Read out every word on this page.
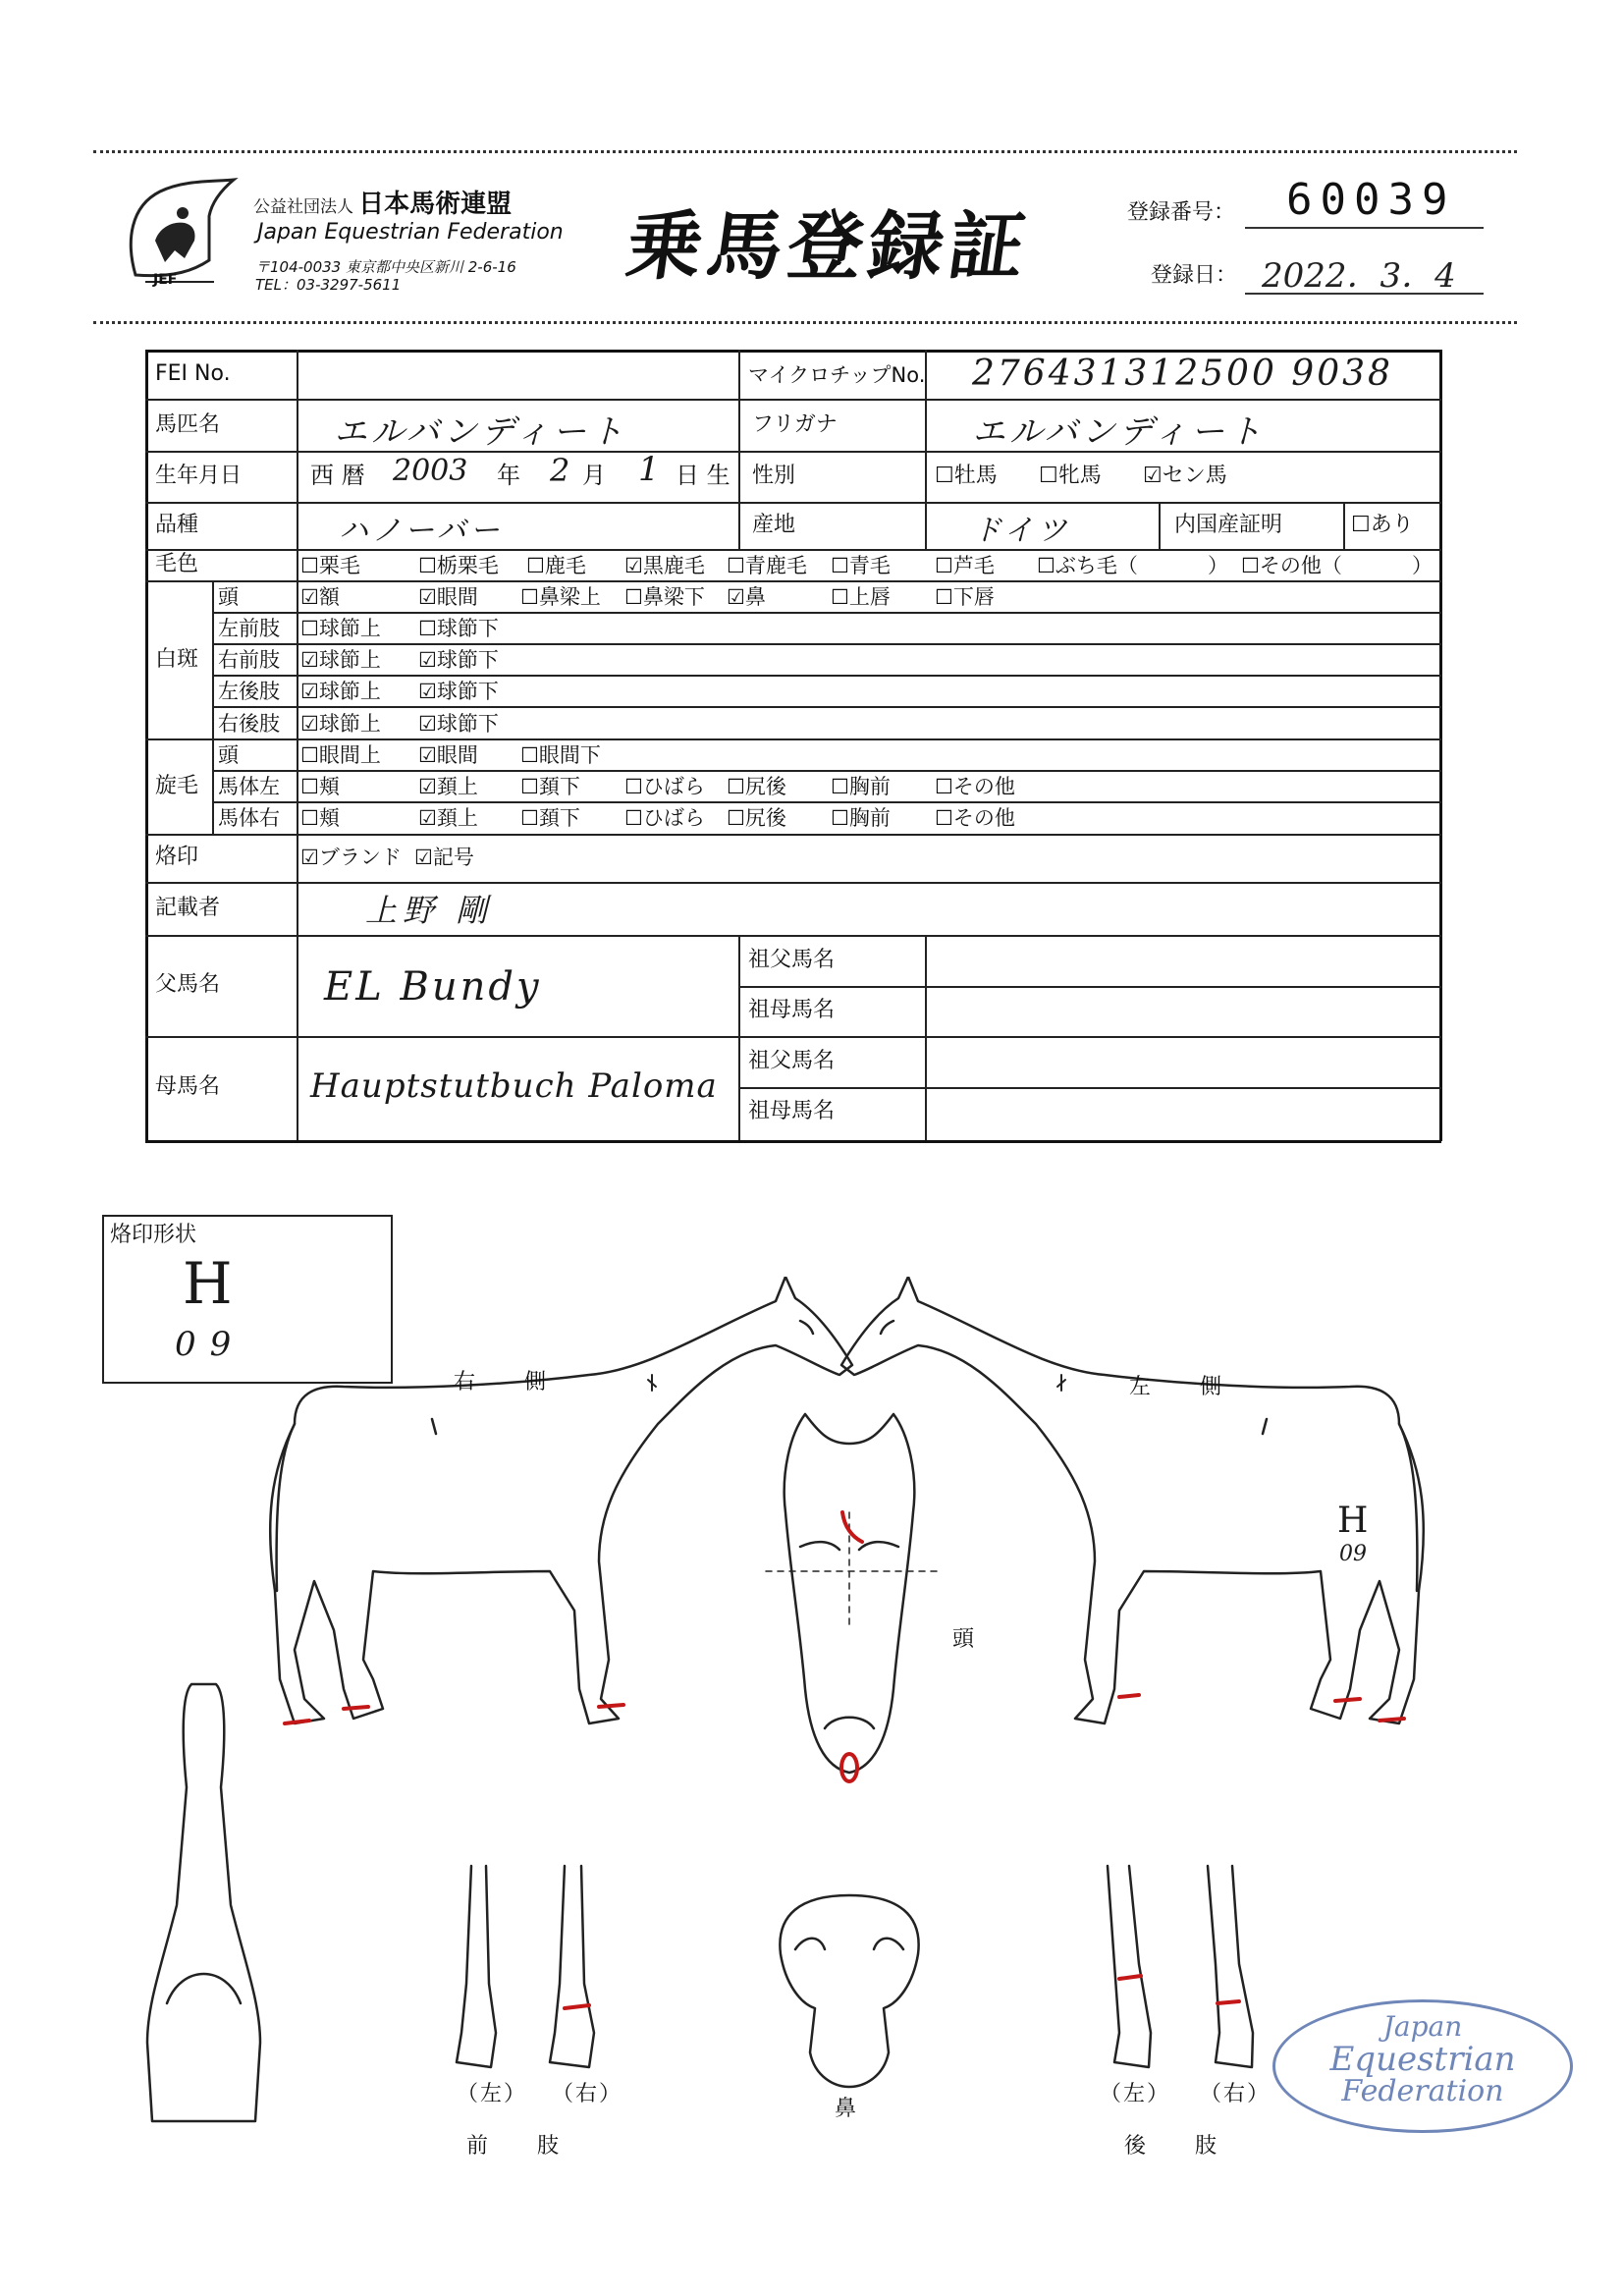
JEF
公益社団法人 日本馬術連盟
Japan Equestrian Federation
〒104-0033 東京都中央区新川 2-6-16
TEL：03-3297-5611	乗馬登録証	登録番号： 60039
登録日： 2022．3．4
FEI No.	マイクロチップNo. 276431312500 9038
馬匹名	エルバンディート	フリガナ	エルバンディート
生年月日	西 暦 2003 年 2 月 1 日 生 性別	☐牡馬 ☐牝馬 ☑セン馬
品種	ハノーバー	産地	ドイツ	内国産証明	☐あり
毛色	☐栗毛	☐栃栗毛 ☐鹿毛 ☑黒鹿毛 ☐青鹿毛 ☐青毛 ☐芦毛 ☐ぶち毛（	） ☐その他（	）
白斑
頭	☑額	☑眼間 ☐鼻梁上 ☐鼻梁下 ☑鼻	☐上唇 ☐下唇
左前肢 ☐球節上 ☐球節下
右前肢 ☑球節上 ☑球節下
左後肢 ☑球節上 ☑球節下
右後肢 ☑球節上 ☑球節下
旋毛
頭	☐眼間上 ☑眼間 ☐眼間下
馬体左 ☐頬	☑頚上 ☐頚下 ☐ひばら ☐尻後 ☐胸前 ☐その他
馬体右 ☐頬	☑頚上 ☐頚下 ☐ひばら ☐尻後 ☐胸前 ☐その他
烙印	☑ブランド ☑記号
記載者	上野 剛
父馬名	EL Bundy
祖父馬名
祖母馬名
母馬名	Hauptstutbuch Paloma
祖父馬名
祖母馬名
烙印形状
H
09
H
09
右　　側	左　　側
頭
（左） （右）
前　　肢
鼻
（左） （右）
後　　肢
Japan
Equestrian
Federation
